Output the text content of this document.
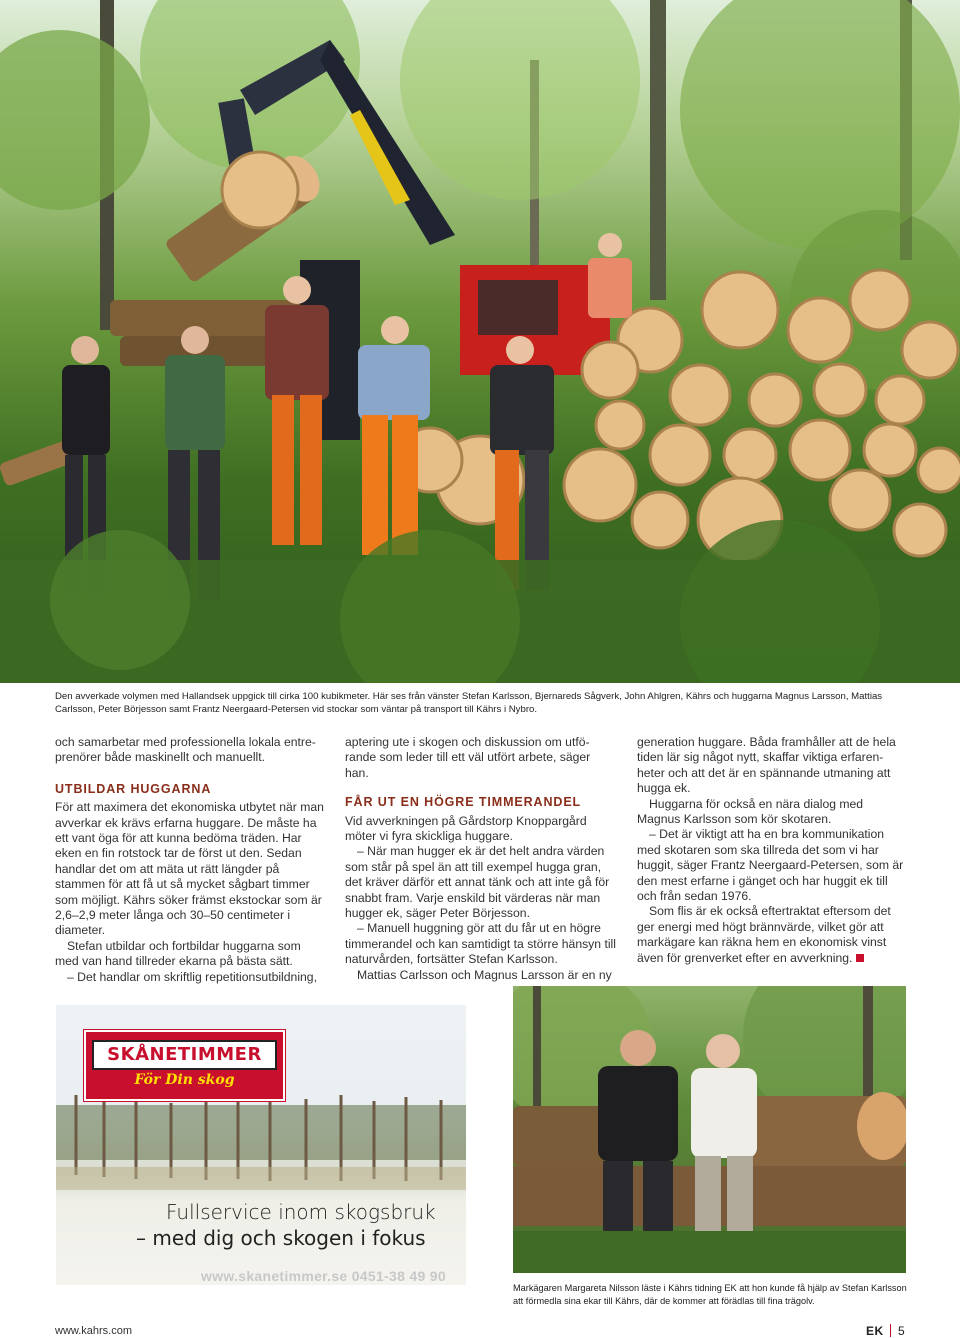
Den avverkade volymen med Hallandsek uppgick till cirka 100 kubikmeter. Här ses från vänster Stefan Karlsson, Bjernareds Sågverk, John Ahlgren, Kährs och huggarna Magnus Larsson, Mattias Carlsson, Peter Börjesson samt Frantz Neergaard-Petersen vid stockar som väntar på transport till Kährs i Nybro.

och samarbetar med professionella lokala entre-prenörer både maskinellt och manuellt.

UTBILDAR HUGGARNA

För att maximera det ekonomiska utbytet när man avverkar ek krävs erfarna huggare. De måste ha ett vant öga för att kunna bedöma träden. Har eken en fin rotstock tar de först ut den. Sedan handlar det om att mäta ut rätt längder på stammen för att få ut så mycket sågbart timmer som möjligt. Kährs söker främst ekstockar som är 2,6–2,9 meter långa och 30–50 centimeter i diameter.

Stefan utbildar och fortbildar huggarna som med van hand tillreder ekarna på bästa sätt.

– Det handlar om skriftlig repetitionsutbildning,

aptering ute i skogen och diskussion om utfö-rande som leder till ett väl utfört arbete, säger han.

FÅR UT EN HÖGRE TIMMERANDEL

Vid avverkningen på Gårdstorp Knoppargård möter vi fyra skickliga huggare.

– När man hugger ek är det helt andra värden som står på spel än att till exempel hugga gran, det kräver därför ett annat tänk och att inte gå för snabbt fram. Varje enskild bit värderas när man hugger ek, säger Peter Börjesson.

– Manuell huggning gör att du får ut en högre timmerandel och kan samtidigt ta större hänsyn till naturvården, fortsätter Stefan Karlsson.

Mattias Carlsson och Magnus Larsson är en ny

generation huggare. Båda framhåller att de hela tiden lär sig något nytt, skaffar viktiga erfaren-heter och att det är en spännande utmaning att hugga ek.

Huggarna för också en nära dialog med Magnus Karlsson som kör skotaren.

– Det är viktigt att ha en bra kommunikation med skotaren som ska tillreda det som vi har huggit, säger Frantz Neergaard-Petersen, som är den mest erfarne i gänget och har huggit ek till och från sedan 1976.

Som flis är ek också eftertraktat eftersom det ger energi med högt brännvärde, vilket gör att markägare kan räkna hem en ekonomisk vinst även för grenverket efter en avverkning.

SKÅNETIMMER
För Din skog
Fullservice inom skogsbruk
– med dig och skogen i fokus
www.skanetimmer.se 0451-38 49 90
Markägaren Margareta Nilsson läste i Kährs tidning EK att hon kunde få hjälp av Stefan Karlsson att förmedla sina ekar till Kährs, där de kommer att förädlas till fina trägolv.
www.kahrs.com	EK 5
